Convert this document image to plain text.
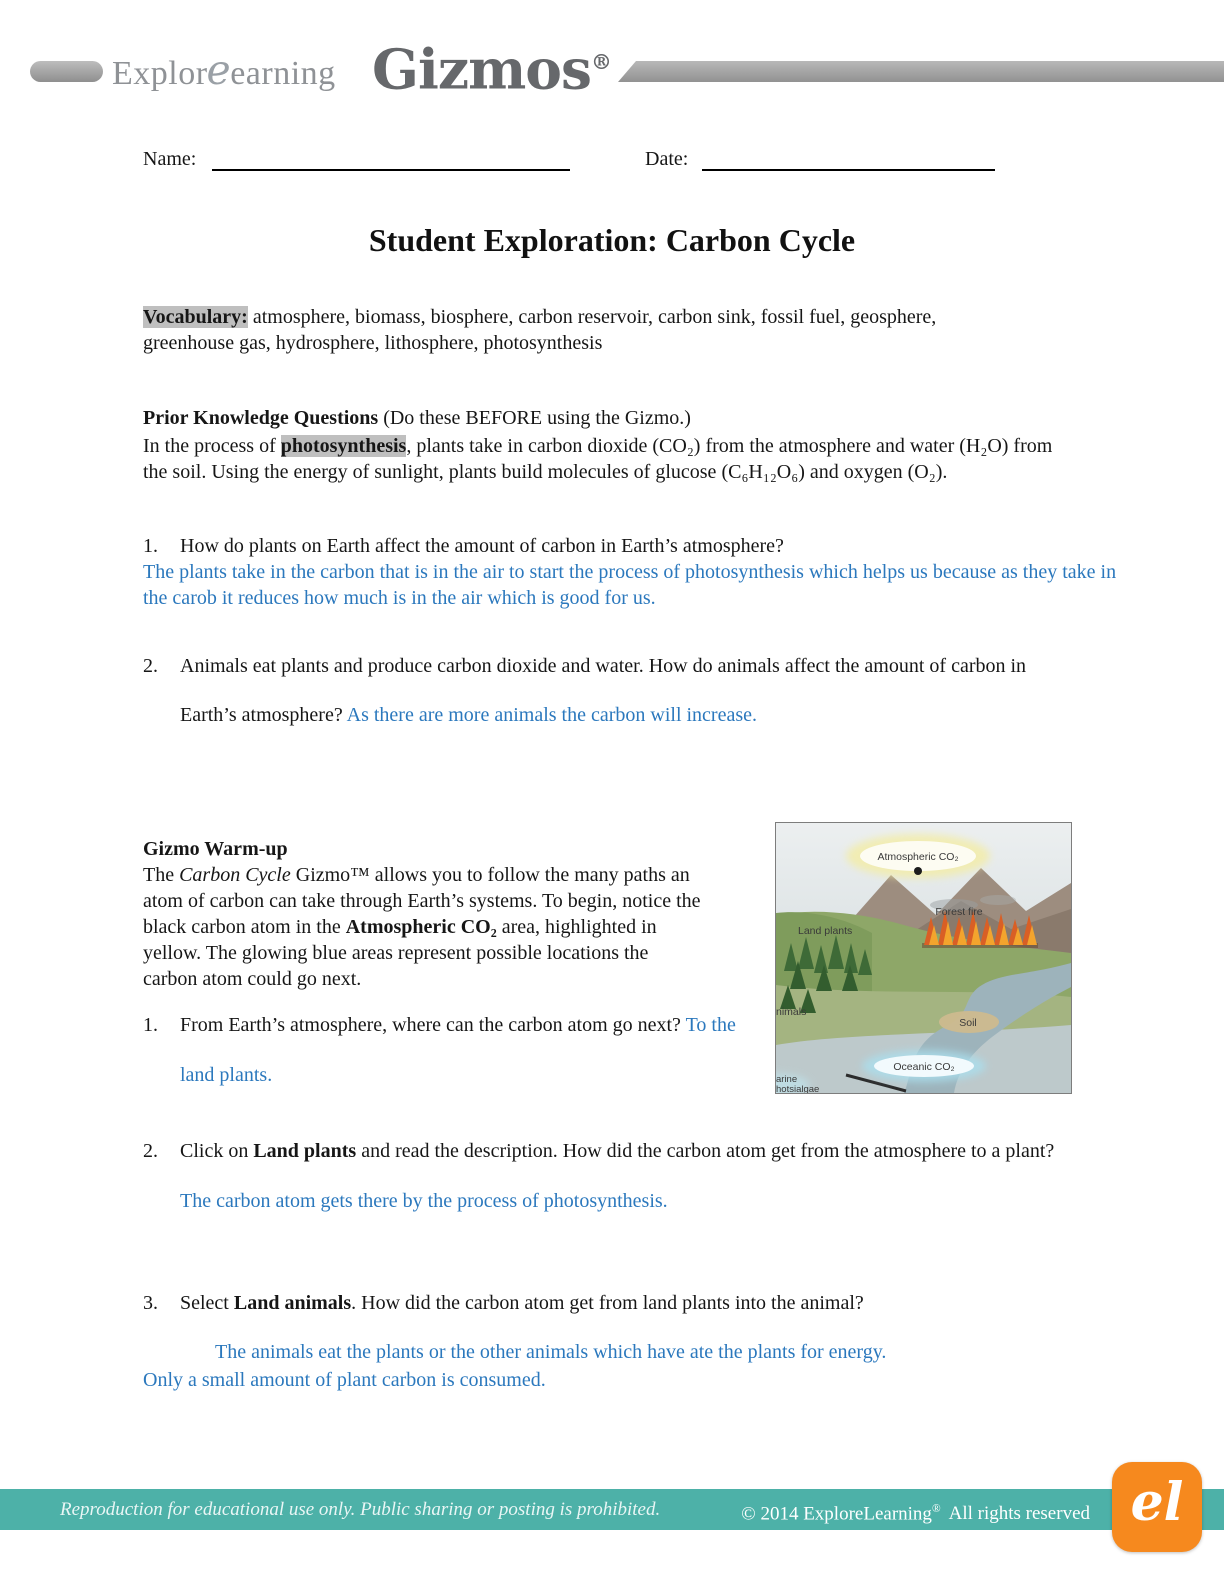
Exploreearning Gizmos®
Name:	Date:
Student Exploration: Carbon Cycle

Vocabulary: atmosphere, biomass, biosphere, carbon reservoir, carbon sink, fossil fuel, geosphere, greenhouse gas, hydrosphere, lithosphere, photosynthesis

Prior Knowledge Questions (Do these BEFORE using the Gizmo.)

In the process of photosynthesis, plants take in carbon dioxide (CO₂) from the atmosphere and water (H₂O) from the soil. Using the energy of sunlight, plants build molecules of glucose (C₆H₁₂O₆) and oxygen (O₂).

1. How do plants on Earth affect the amount of carbon in Earth’s atmosphere?

The plants take in the carbon that is in the air to start the process of photosynthesis which helps us because as they take in the carob it reduces how much is in the air which is good for us.

2. Animals eat plants and produce carbon dioxide and water. How do animals affect the amount of carbon in Earth’s atmosphere? As there are more animals the carbon will increase.

Gizmo Warm-up

The Carbon Cycle Gizmo™ allows you to follow the many paths an atom of carbon can take through Earth’s systems. To begin, notice the black carbon atom in the Atmospheric CO₂ area, highlighted in yellow. The glowing blue areas represent possible locations the carbon atom could go next.

Atmospheric CO₂
Forest fire
Land plants
Soil
Oceanic CO₂
nimals
arine
hotsialgae
1. From Earth’s atmosphere, where can the carbon atom go next? To the land plants.
2. Click on Land plants and read the description. How did the carbon atom get from the atmosphere to a plant? The carbon atom gets there by the process of photosynthesis.
3. Select Land animals. How did the carbon atom get from land plants into the animal?
The animals eat the plants or the other animals which have ate the plants for energy.
Only a small amount of plant carbon is consumed.
Reproduction for educational use only. Public sharing or posting is prohibited.	© 2014 ExploreLearning® All rights reserved el
